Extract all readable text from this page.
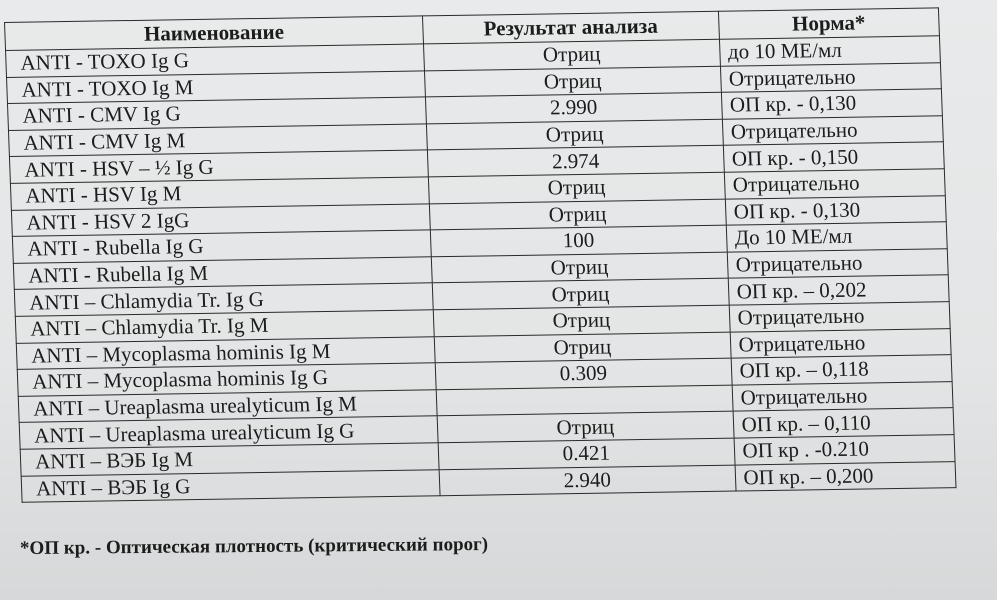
Наименование	Результат анализа	Норма*
ANTI - TOXO Ig G	Отриц	до 10 МЕ/мл
ANTI - TOXO Ig M	Отриц	Отрицательно
ANTI - CMV Ig G	2.990	ОП кр. - 0,130
ANTI - CMV Ig M	Отриц	Отрицательно
ANTI - HSV – ½ Ig G	2.974	ОП кр. - 0,150
ANTI - HSV Ig M	Отриц	Отрицательно
ANTI - HSV 2 IgG	Отриц	ОП кр. - 0,130
ANTI - Rubella Ig G	100	До 10 МЕ/мл
ANTI - Rubella Ig M	Отриц	Отрицательно
ANTI – Chlamydia Tr. Ig G	Отриц	ОП кр. – 0,202
ANTI – Chlamydia Tr. Ig M	Отриц	Отрицательно
ANTI – Mycoplasma hominis Ig M	Отриц	Отрицательно
ANTI – Mycoplasma hominis Ig G	0.309	ОП кр. – 0,118
ANTI – Ureaplasma urealyticum Ig M		Отрицательно
ANTI – Ureaplasma urealyticum Ig G	Отриц	ОП кр. – 0,110
ANTI – ВЭБ Ig M	0.421	ОП кр . -0.210
ANTI – ВЭБ Ig G	2.940	ОП кр. – 0,200
*ОП кр. - Оптическая плотность (критический порог)
